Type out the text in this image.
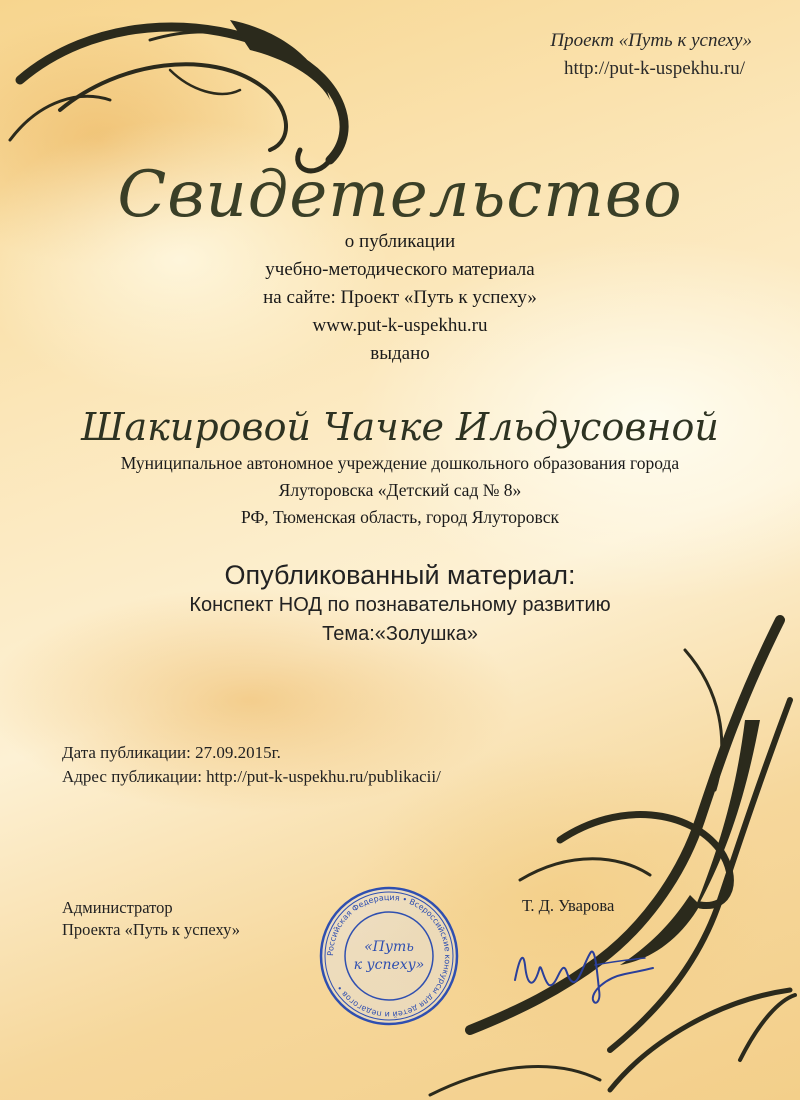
Проект «Путь к успеху»
http://put-k-uspekhu.ru/
Свидетельство
о публикации
учебно-методического материала
на сайте: Проект «Путь к успеху»
www.put-k-uspekhu.ru
выдано
Шакировой Чачке Ильдусовной
Муниципальное автономное учреждение дошкольного образования города
Ялуторовска «Детский сад № 8»
РФ, Тюменская область, город Ялуторовск
Опубликованный материал:
Конспект НОД по познавательному развитию
Тема:«Золушка»
Дата публикации: 27.09.2015г.
Адрес публикации: http://put-k-uspekhu.ru/publikacii/
Администратор
Проекта «Путь к успеху»
Т. Д. Уварова
Российская Федерация • Всероссийские конкурсы для детей и педагогов •
«Путь
к успеху»
